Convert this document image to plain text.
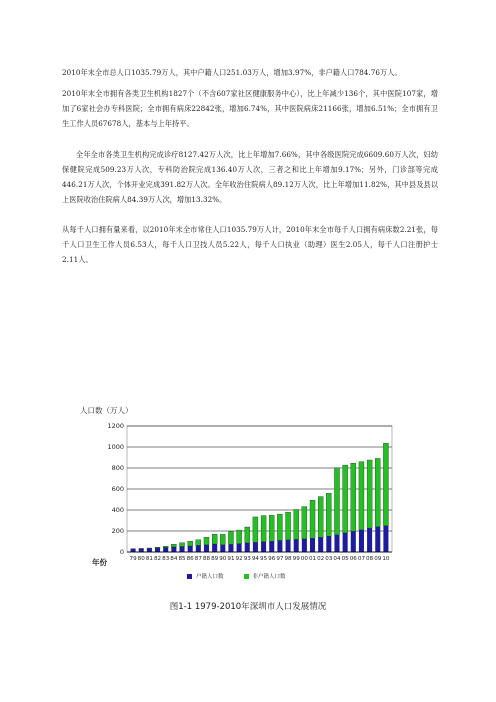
2010年末全市总人口1035.79万人，其中户籍人口251.03万人，增加3.97%，非户籍人口784.76万人。

2010年末全市拥有各类卫生机构1827个（不含607家社区健康服务中心），比上年减少136个，其中医院107家，增加了6家社会办专科医院；全市拥有病床22842张，增加6.74%，其中医院病床21166张，增加6.51%；全市拥有卫生工作人员67678人，基本与上年持平。

全年全市各类卫生机构完成诊疗8127.42万人次，比上年增加7.66%，其中各级医院完成6609.60万人次，妇幼保健院完成509.23万人次，专科防治院完成136.40万人次，三者之和比上年增加9.17%；另外，门诊部等完成446.21万人次，个体开业完成391.82万人次。全年收治住院病人89.12万人次，比上年增加11.82%，其中县及县以上医院收治住院病人84.39万人次，增加13.32%。

从每千人口拥有量来看，以2010年末全市常住人口1035.79万人计，2010年末全市每千人口拥有病床数2.21张，每千人口卫生工作人员6.53人，每千人口卫技人员5.22人，每千人口执业（助理）医生2.05人，每千人口注册护士2.11人。

人口数（万人）
0
200
400
600
800
1000
1200
79 80 81 82 83 84 85 86 87 88 89 90 91 92 93 94 95 96 97 98 99 00 01 02 03 04 05 06 07 08 09 10
年份
户籍人口数	非户籍人口数
图1-1 1979-2010年深圳市人口发展情况
